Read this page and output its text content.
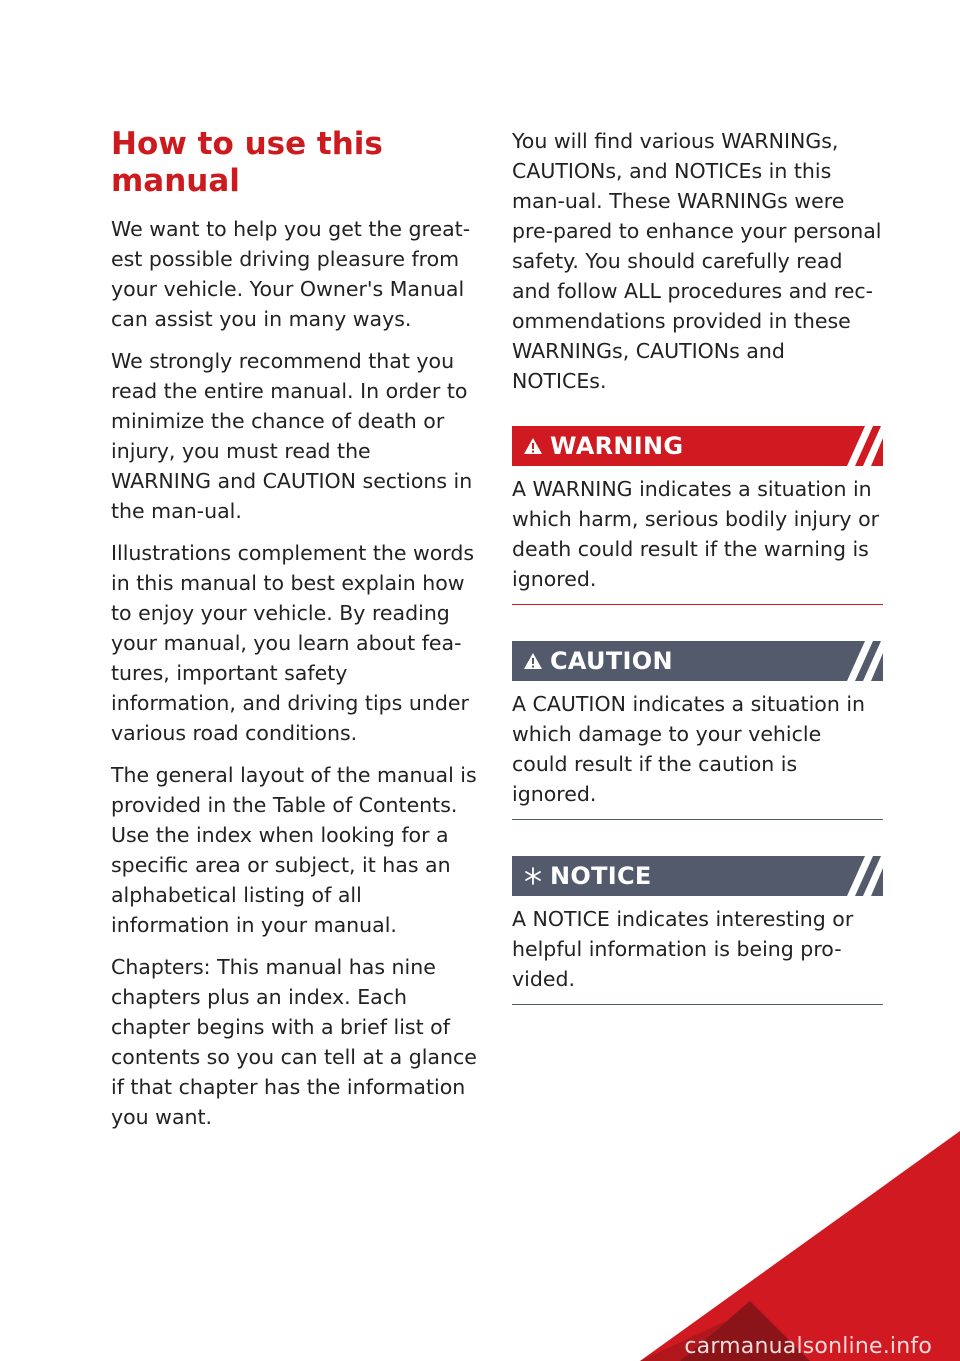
How to use this manual

We want to help you get the great-est possible driving pleasure from your vehicle. Your Owner's Manual can assist you in many ways.

We strongly recommend that you read the entire manual. In order to minimize the chance of death or injury, you must read the WARNING and CAUTION sections in the man-ual.

Illustrations complement the words in this manual to best explain how to enjoy your vehicle. By reading your manual, you learn about fea-tures, important safety information, and driving tips under various road conditions.

The general layout of the manual is provided in the Table of Contents. Use the index when looking for a specific area or subject, it has an alphabetical listing of all information in your manual.

Chapters: This manual has nine chapters plus an index. Each chapter begins with a brief list of contents so you can tell at a glance if that chapter has the information you want.

You will find various WARNINGs, CAUTIONs, and NOTICEs in this man-ual. These WARNINGs were pre-pared to enhance your personal safety. You should carefully read and follow ALL procedures and rec-ommendations provided in these WARNINGs, CAUTIONs and NOTICEs.

WARNING

A WARNING indicates a situation in which harm, serious bodily injury or death could result if the warning is ignored.

CAUTION

A CAUTION indicates a situation in which damage to your vehicle could result if the caution is ignored.

NOTICE

A NOTICE indicates interesting or helpful information is being pro-vided.

carmanualsonline.info
